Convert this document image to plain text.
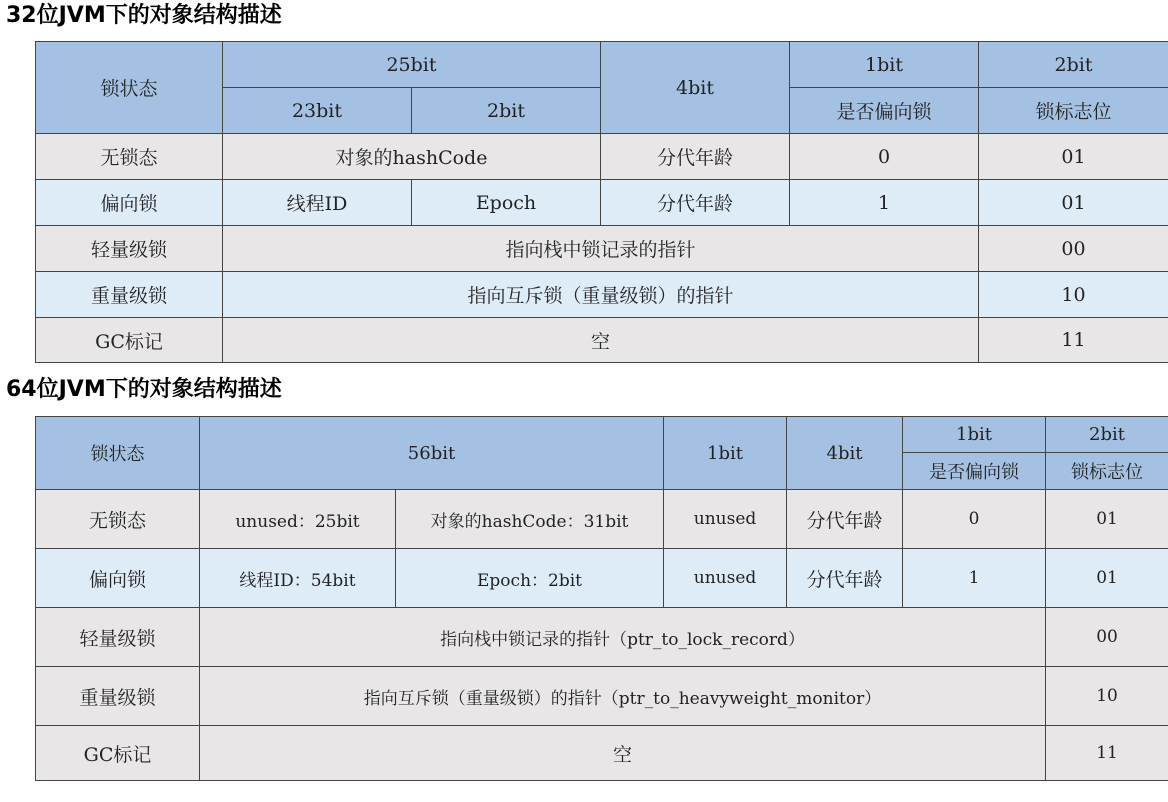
32位JVM下的对象结构描述
锁状态	25bit		4bit	1bit	2bit
	23bit	2bit		是否偏向锁	锁标志位
无锁态	对象的hashCode		分代年龄	0	01
偏向锁	线程ID	Epoch	分代年龄	1	01
轻量级锁	指向栈中锁记录的指针				00
重量级锁	指向互斥锁（重量级锁）的指针				10
GC标记	空				11
64位JVM下的对象结构描述
锁状态	56bit		1bit	4bit	1bit	2bit
					是否偏向锁	锁标志位
无锁态	unused：25bit	对象的hashCode：31bit	unused	分代年龄	0	01
偏向锁	线程ID：54bit	Epoch：2bit	unused	分代年龄	1	01
轻量级锁	指向栈中锁记录的指针（ptr_to_lock_record）					00
重量级锁	指向互斥锁（重量级锁）的指针（ptr_to_heavyweight_monitor）					10
GC标记	空					11
